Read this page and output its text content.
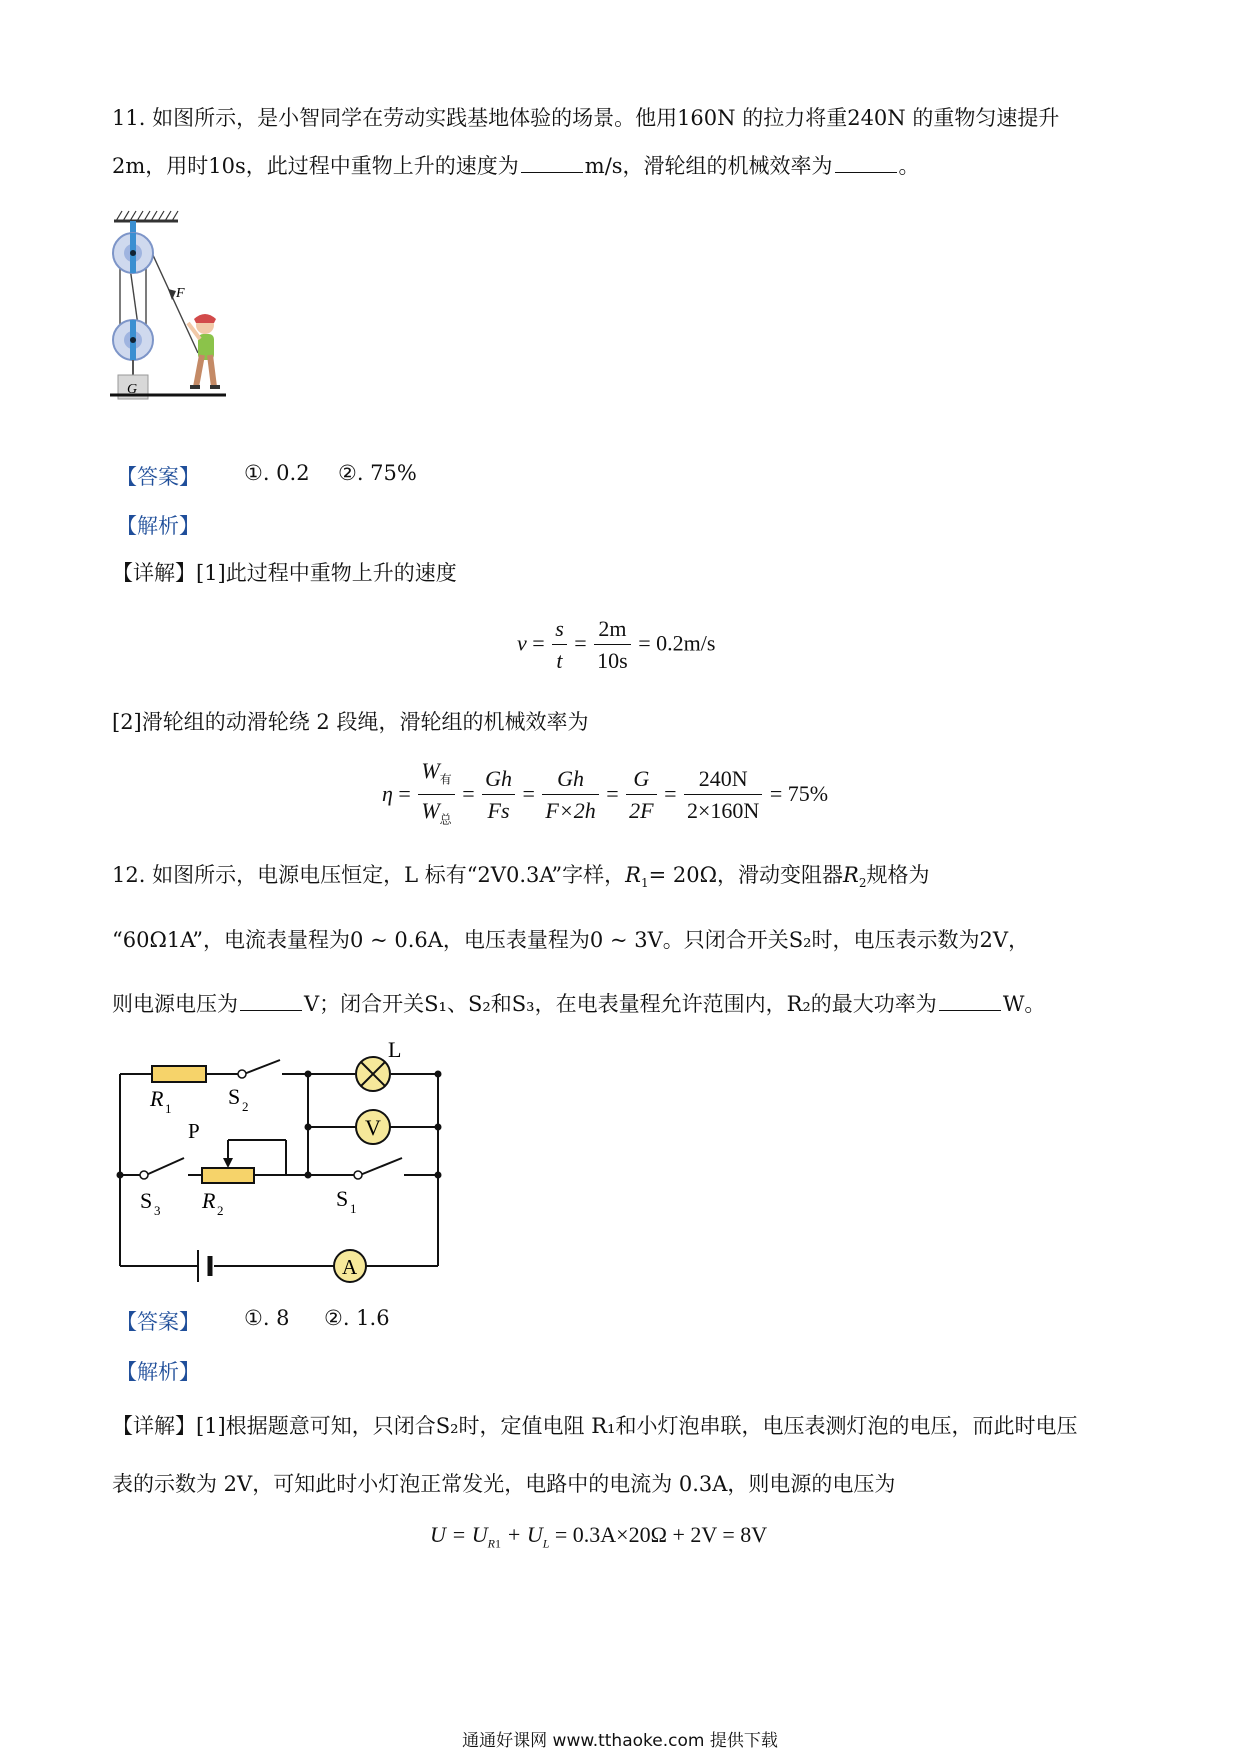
11. 如图所示，是小智同学在劳动实践基地体验的场景。他用160N 的拉力将重240N 的重物匀速提升
2m，用时10s，此过程中重物上升的速度为	m/s，滑轮组的机械效率为	。
G
F
【答案】 ①. 0.2 ②. 75%
【解析】
【详解】[1]此过程中重物上升的速度
$v = \frac{s}{t} = \frac{2m}{10s} = 0.2m/s$
[2]滑轮组的动滑轮绕 2 段绳，滑轮组的机械效率为
$\eta = \frac{W_有}{W_总} = \frac{Gh}{Fs} = \frac{Gh}{F\times 2h} = \frac{G}{2F} = \frac{240N}{2\times 160N} = 75\%$
12. 如图所示，电源电压恒定，L 标有“2V0.3A”字样，$R_1= 20\Omega$，滑动变阻器$R_2$规格为
“60Ω1A”，电流表量程为0 ~ 0.6A，电压表量程为0 ~ 3V。只闭合开关S₂时，电压表示数为2V，
则电源电压为	V；闭合开关S₁、S₂和S₃，在电表量程允许范围内，R₂的最大功率为	W。
L
V
A
R 1	S 2
P
R 2
S 3	S 1
【答案】 ①. 8 ②. 1.6
【解析】
【详解】[1]根据题意可知，只闭合S₂时，定值电阻 R₁和小灯泡串联，电压表测灯泡的电压，而此时电压
表的示数为 2V，可知此时小灯泡正常发光，电路中的电流为 0.3A，则电源的电压为
$U = U_{R1} + U_L = 0.3A\times 20\Omega + 2V = 8V$
通通好课网 www.tthaoke.com 提供下载
